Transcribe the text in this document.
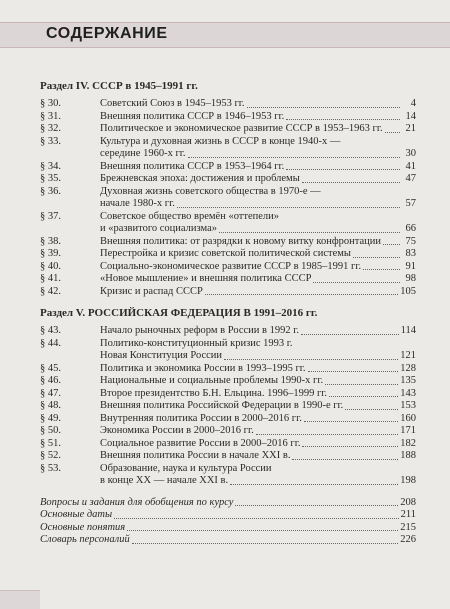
СОДЕРЖАНИЕ
Раздел IV. СССР в 1945–1991 гг.
§ 30.	Советский Союз в 1945–1953 гг.	4
§ 31.	Внешняя политика СССР в 1946–1953 гг.	14
§ 32.	Политическое и экономическое развитие СССР в 1953–1963 гг.	21
§ 33.	Культура и духовная жизнь в СССР в конце 1940-х —
середине 1960-х гг.	30
§ 34.	Внешняя политика СССР в 1953–1964 гг.	41
§ 35.	Брежневская эпоха: достижения и проблемы	47
§ 36.	Духовная жизнь советского общества в 1970-е —
начале 1980-х гг.	57
§ 37.	Советское общество времён «оттепели»
и «развитого социализма»	66
§ 38.	Внешняя политика: от разрядки к новому витку конфронтации	75
§ 39.	Перестройка и кризис советской политической системы	83
§ 40.	Социально-экономическое развитие СССР в 1985–1991 гг.	91
§ 41.	«Новое мышление» и внешняя политика СССР	98
§ 42.	Кризис и распад СССР	105
Раздел V. РОССИЙСКАЯ ФЕДЕРАЦИЯ В 1991–2016 гг.
§ 43.	Начало рыночных реформ в России в 1992 г.	114
§ 44.	Политико-конституционный кризис 1993 г.
Новая Конституция России	121
§ 45.	Политика и экономика России в 1993–1995 гг.	128
§ 46.	Национальные и социальные проблемы 1990-х гг.	135
§ 47.	Второе президентство Б.Н. Ельцина. 1996–1999 гг.	143
§ 48.	Внешняя политика Российской Федерации в 1990-е гг.	153
§ 49.	Внутренняя политика России в 2000–2016 гг.	160
§ 50.	Экономика России в 2000–2016 гг.	171
§ 51.	Социальное развитие России в 2000–2016 гг.	182
§ 52.	Внешняя политика России в начале XXI в.	188
§ 53.	Образование, наука и культура России
в конце XX — начале XXI в.	198
Вопросы и задания для обобщения по курсу	208
Основные даты	211
Основные понятия	215
Словарь персоналий	226
